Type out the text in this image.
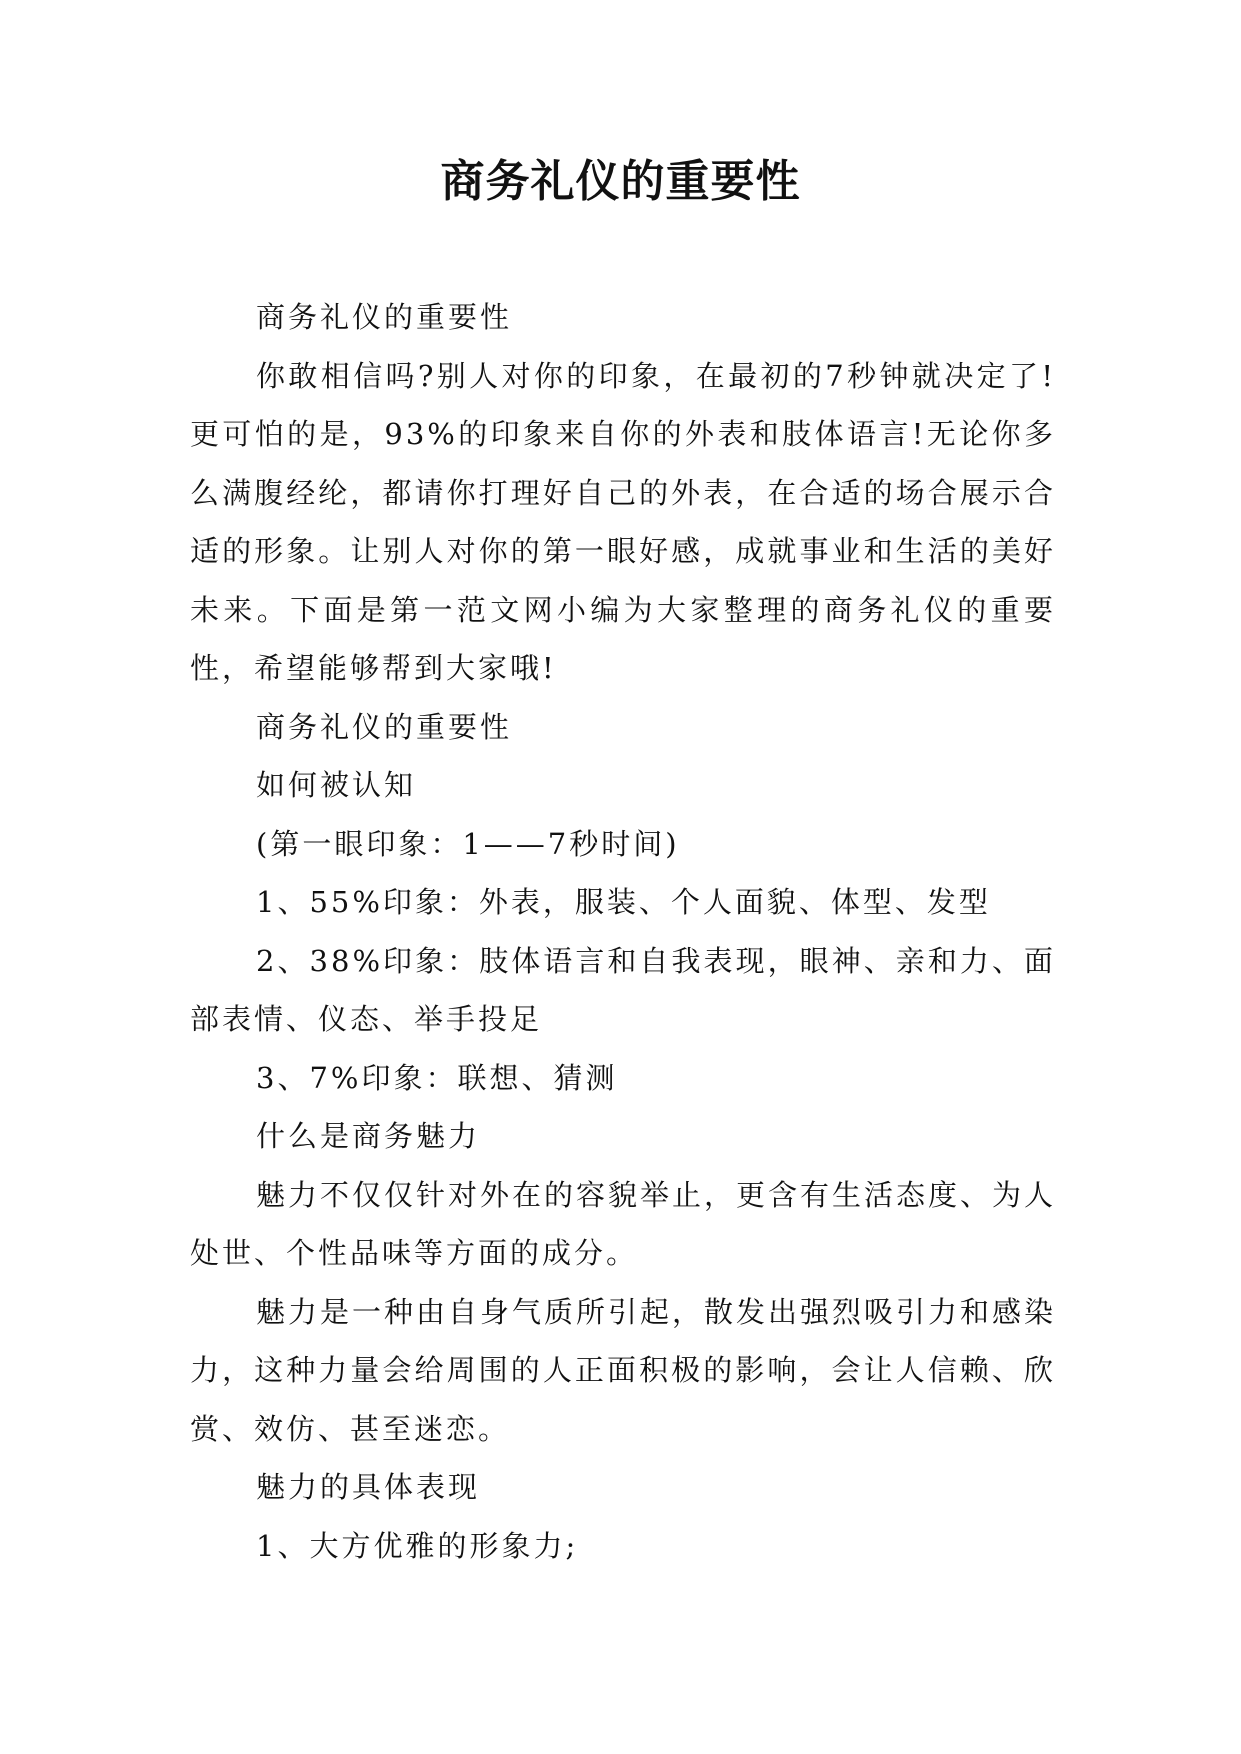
商务礼仪的重要性

商务礼仪的重要性

你敢相信吗?别人对你的印象，在最初的7秒钟就决定了!更可怕的是，93%的印象来自你的外表和肢体语言!无论你多么满腹经纶，都请你打理好自己的外表，在合适的场合展示合适的形象。让别人对你的第一眼好感，成就事业和生活的美好未来。下面是第一范文网小编为大家整理的商务礼仪的重要性，希望能够帮到大家哦!

商务礼仪的重要性

如何被认知

(第一眼印象：1——7秒时间)

1、55%印象：外表，服装、个人面貌、体型、发型

2、38%印象：肢体语言和自我表现，眼神、亲和力、面部表情、仪态、举手投足

3、7%印象：联想、猜测

什么是商务魅力

魅力不仅仅针对外在的容貌举止，更含有生活态度、为人处世、个性品味等方面的成分。

魅力是一种由自身气质所引起，散发出强烈吸引力和感染力，这种力量会给周围的人正面积极的影响，会让人信赖、欣赏、效仿、甚至迷恋。

魅力的具体表现

1、大方优雅的形象力;
